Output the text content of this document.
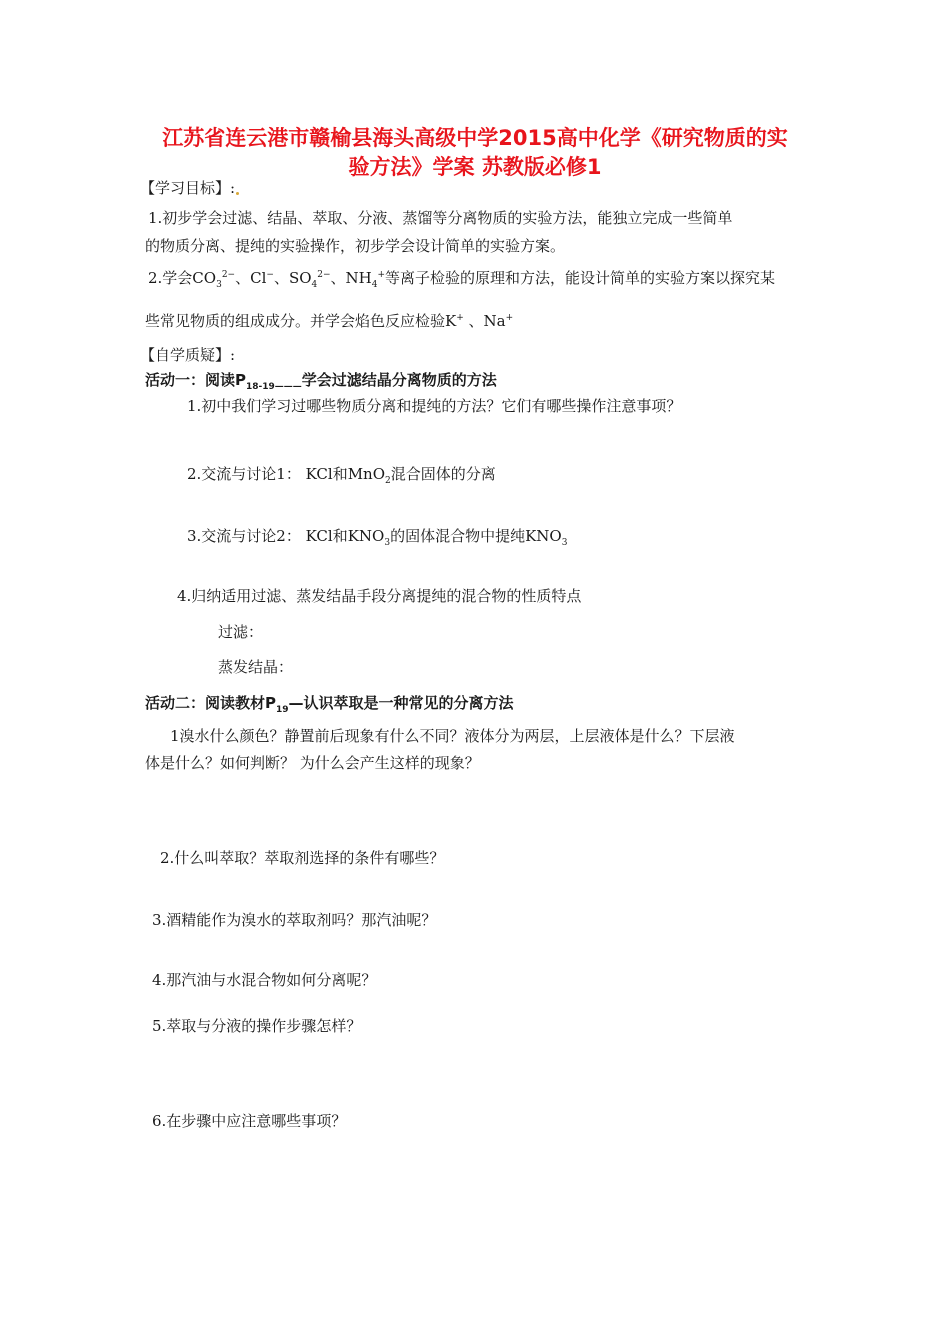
江苏省连云港市赣榆县海头高级中学2015高中化学《研究物质的实
验方法》学案 苏教版必修1
【学习目标】:
1.初步学会过滤、结晶、萃取、分液、蒸馏等分离物质的实验方法，能独立完成一些简单
的物质分离、提纯的实验操作，初步学会设计简单的实验方案。
2.学会$CO_3^{2-}$、Cl−、$SO_4^{2-}$、$NH_4^+$等离子检验的原理和方法，能设计简单的实验方案以探究某
些常见物质的组成成分。并学会焰色反应检验K+ 、Na+
【自学质疑】:
活动一：阅读$P_{18-19———}$学会过滤结晶分离物质的方法
1.初中我们学习过哪些物质分离和提纯的方法？它们有哪些操作注意事项？
2.交流与讨论1： KCl和MnO$_2$混合固体的分离
3.交流与讨论2： KCl和$KNO_3$的固体混合物中提纯$KNO_3$
4.归纳适用过滤、蒸发结晶手段分离提纯的混合物的性质特点
过滤：
蒸发结晶：
活动二：阅读教材$P_{19}—$认识萃取是一种常见的分离方法
1溴水什么颜色？静置前后现象有什么不同？液体分为两层，上层液体是什么？下层液
体是什么？如何判断？ 为什么会产生这样的现象？
2.什么叫萃取？萃取剂选择的条件有哪些？
3.酒精能作为溴水的萃取剂吗？那汽油呢？
4.那汽油与水混合物如何分离呢？
5.萃取与分液的操作步骤怎样？
6.在步骤中应注意哪些事项？
